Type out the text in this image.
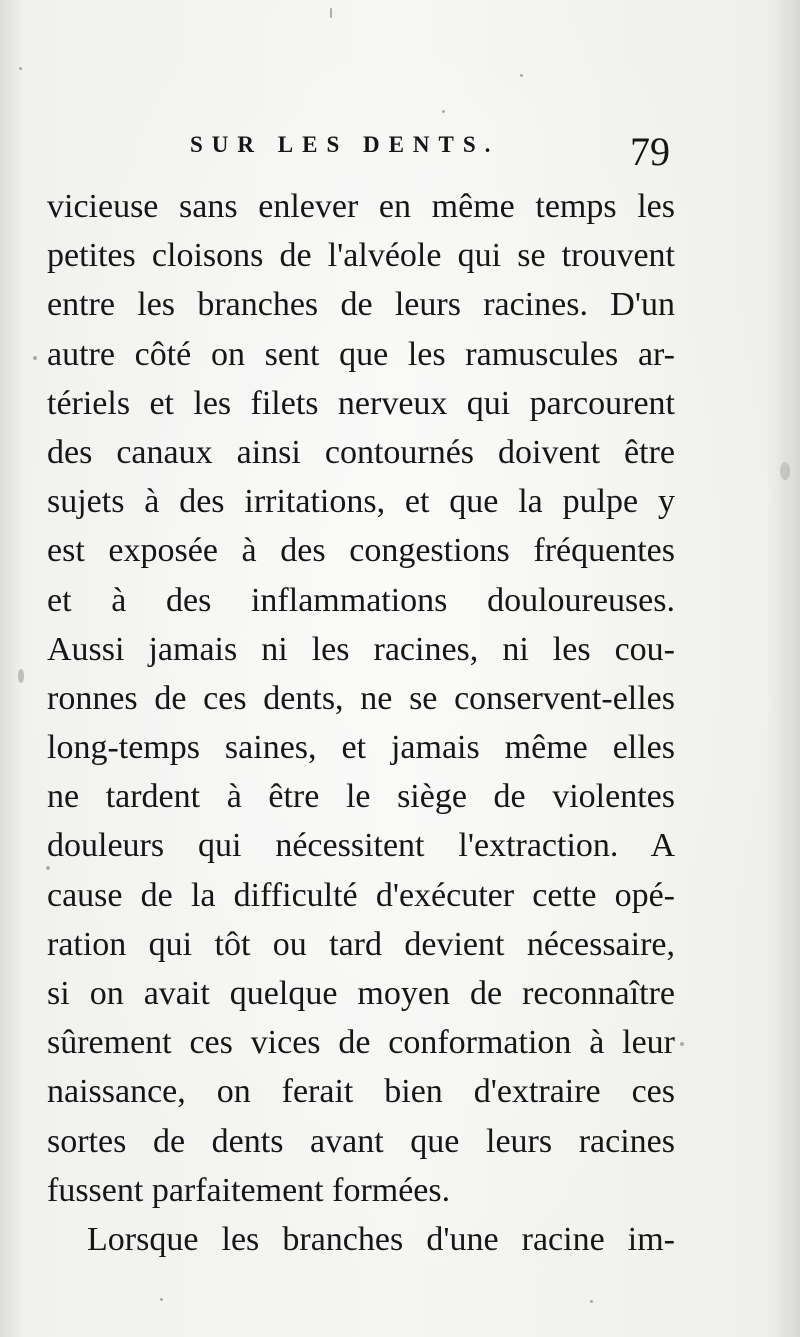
SUR LES DENTS.	79
vicieuse sans enlever en même temps les
petites cloisons de l'alvéole qui se trouvent
entre les branches de leurs racines. D'un
autre côté on sent que les ramuscules ar-
tériels et les filets nerveux qui parcourent
des canaux ainsi contournés doivent être
sujets à des irritations, et que la pulpe y
est exposée à des congestions fréquentes
et à des inflammations douloureuses.
Aussi jamais ni les racines, ni les cou-
ronnes de ces dents, ne se conservent-elles
long-temps saines, et jamais même elles
ne tardent à être le siège de violentes
douleurs qui nécessitent l'extraction. A
cause de la difficulté d'exécuter cette opé-
ration qui tôt ou tard devient nécessaire,
si on avait quelque moyen de reconnaître
sûrement ces vices de conformation à leur
naissance, on ferait bien d'extraire ces
sortes de dents avant que leurs racines
fussent parfaitement formées.
Lorsque les branches d'une racine im-
